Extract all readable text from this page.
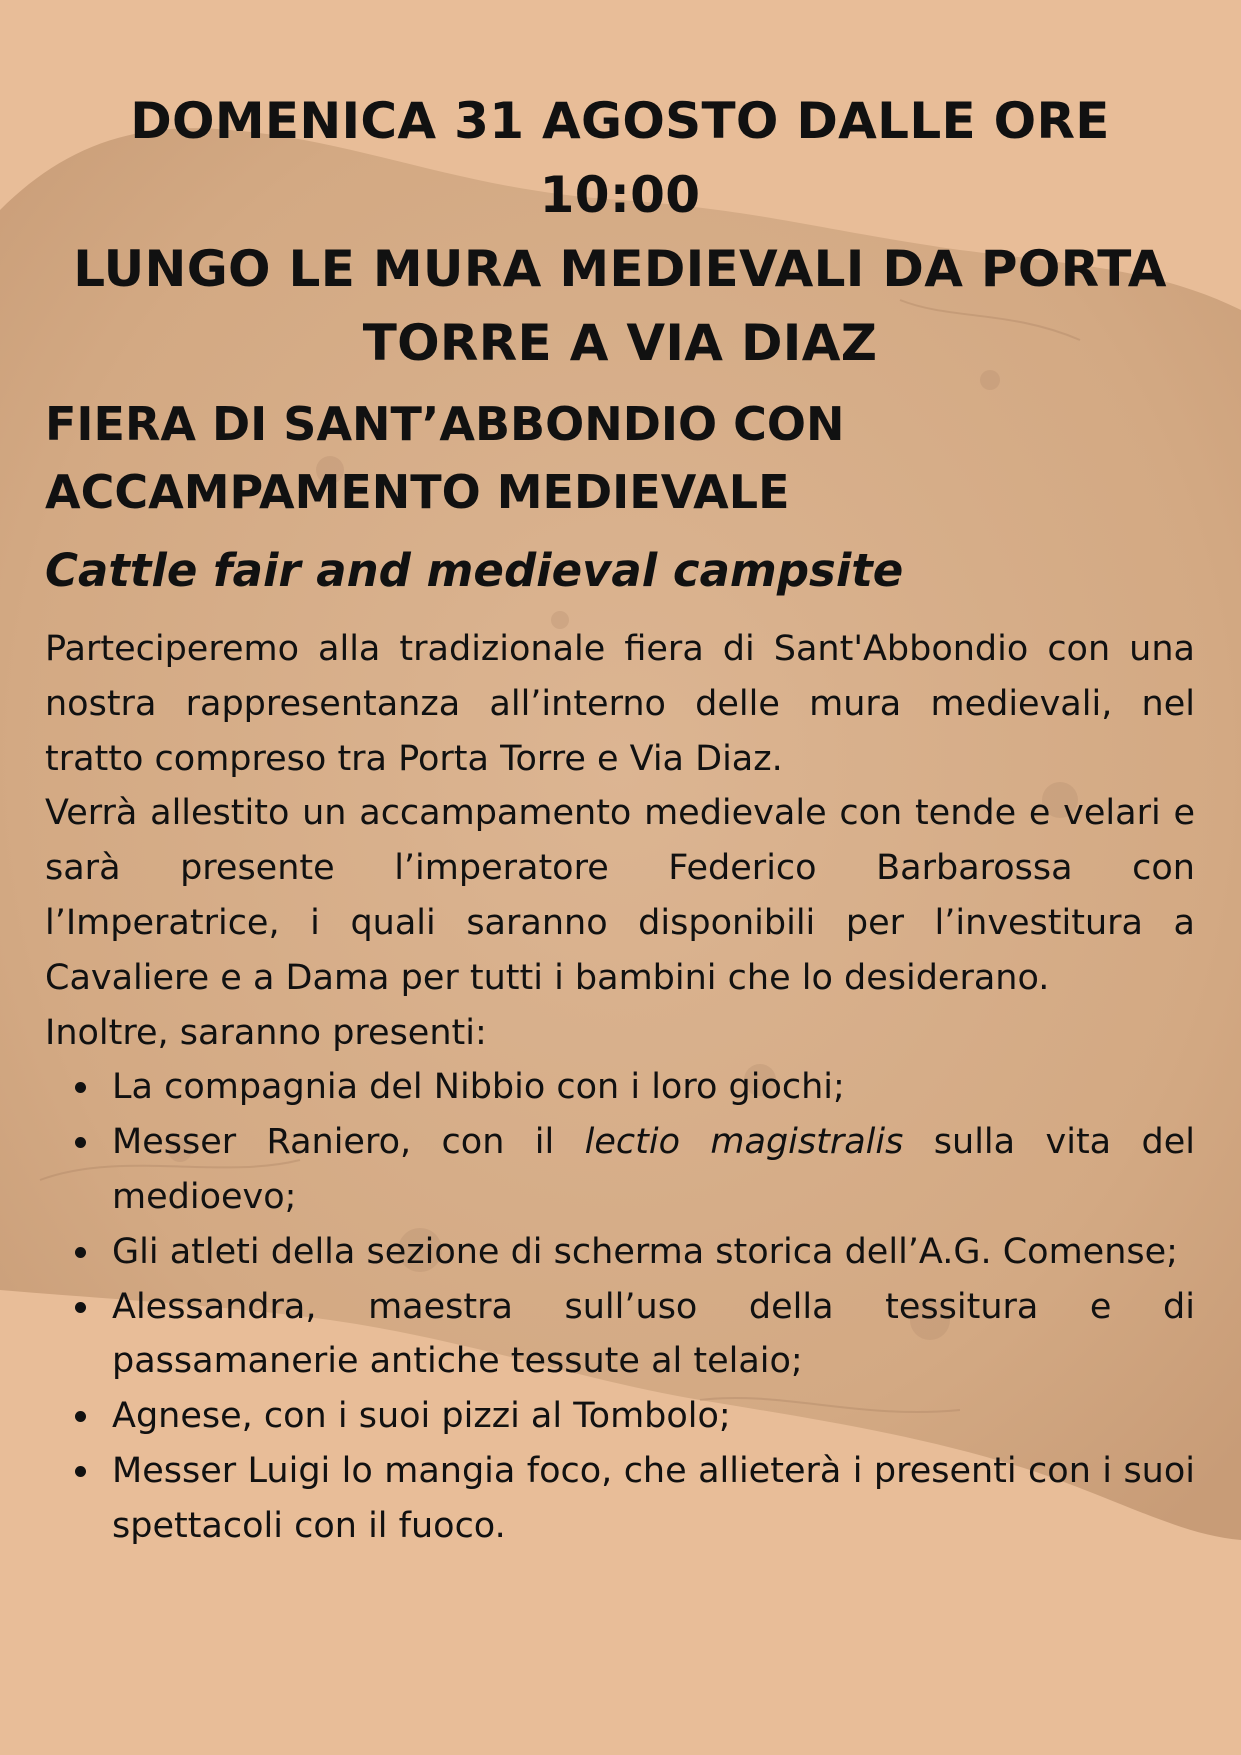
DOMENICA 31 AGOSTO DALLE ORE 10:00
LUNGO LE MURA MEDIEVALI DA PORTA
TORRE A VIA DIAZ
FIERA DI SANT’ABBONDIO CON
ACCAMPAMENTO MEDIEVALE
Cattle fair and medieval campsite

Parteciperemo alla tradizionale fiera di Sant'Abbondio con una nostra rappresentanza all’interno delle mura medievali, nel tratto compreso tra Porta Torre e Via Diaz.

Verrà allestito un accampamento medievale con tende e velari e sarà presente l’imperatore Federico Barbarossa con l’Imperatrice, i quali saranno disponibili per l’investitura a Cavaliere e a Dama per tutti i bambini che lo desiderano.

Inoltre, saranno presenti:

La compagnia del Nibbio con i loro giochi;
Messer Raniero, con il lectio magistralis sulla vita del medioevo;
Gli atleti della sezione di scherma storica dell’A.G. Comense;
Alessandra, maestra sull’uso della tessitura e di passamanerie antiche tessute al telaio;
Agnese, con i suoi pizzi al Tombolo;
Messer Luigi lo mangia foco, che allieterà i presenti con i suoi spettacoli con il fuoco.
